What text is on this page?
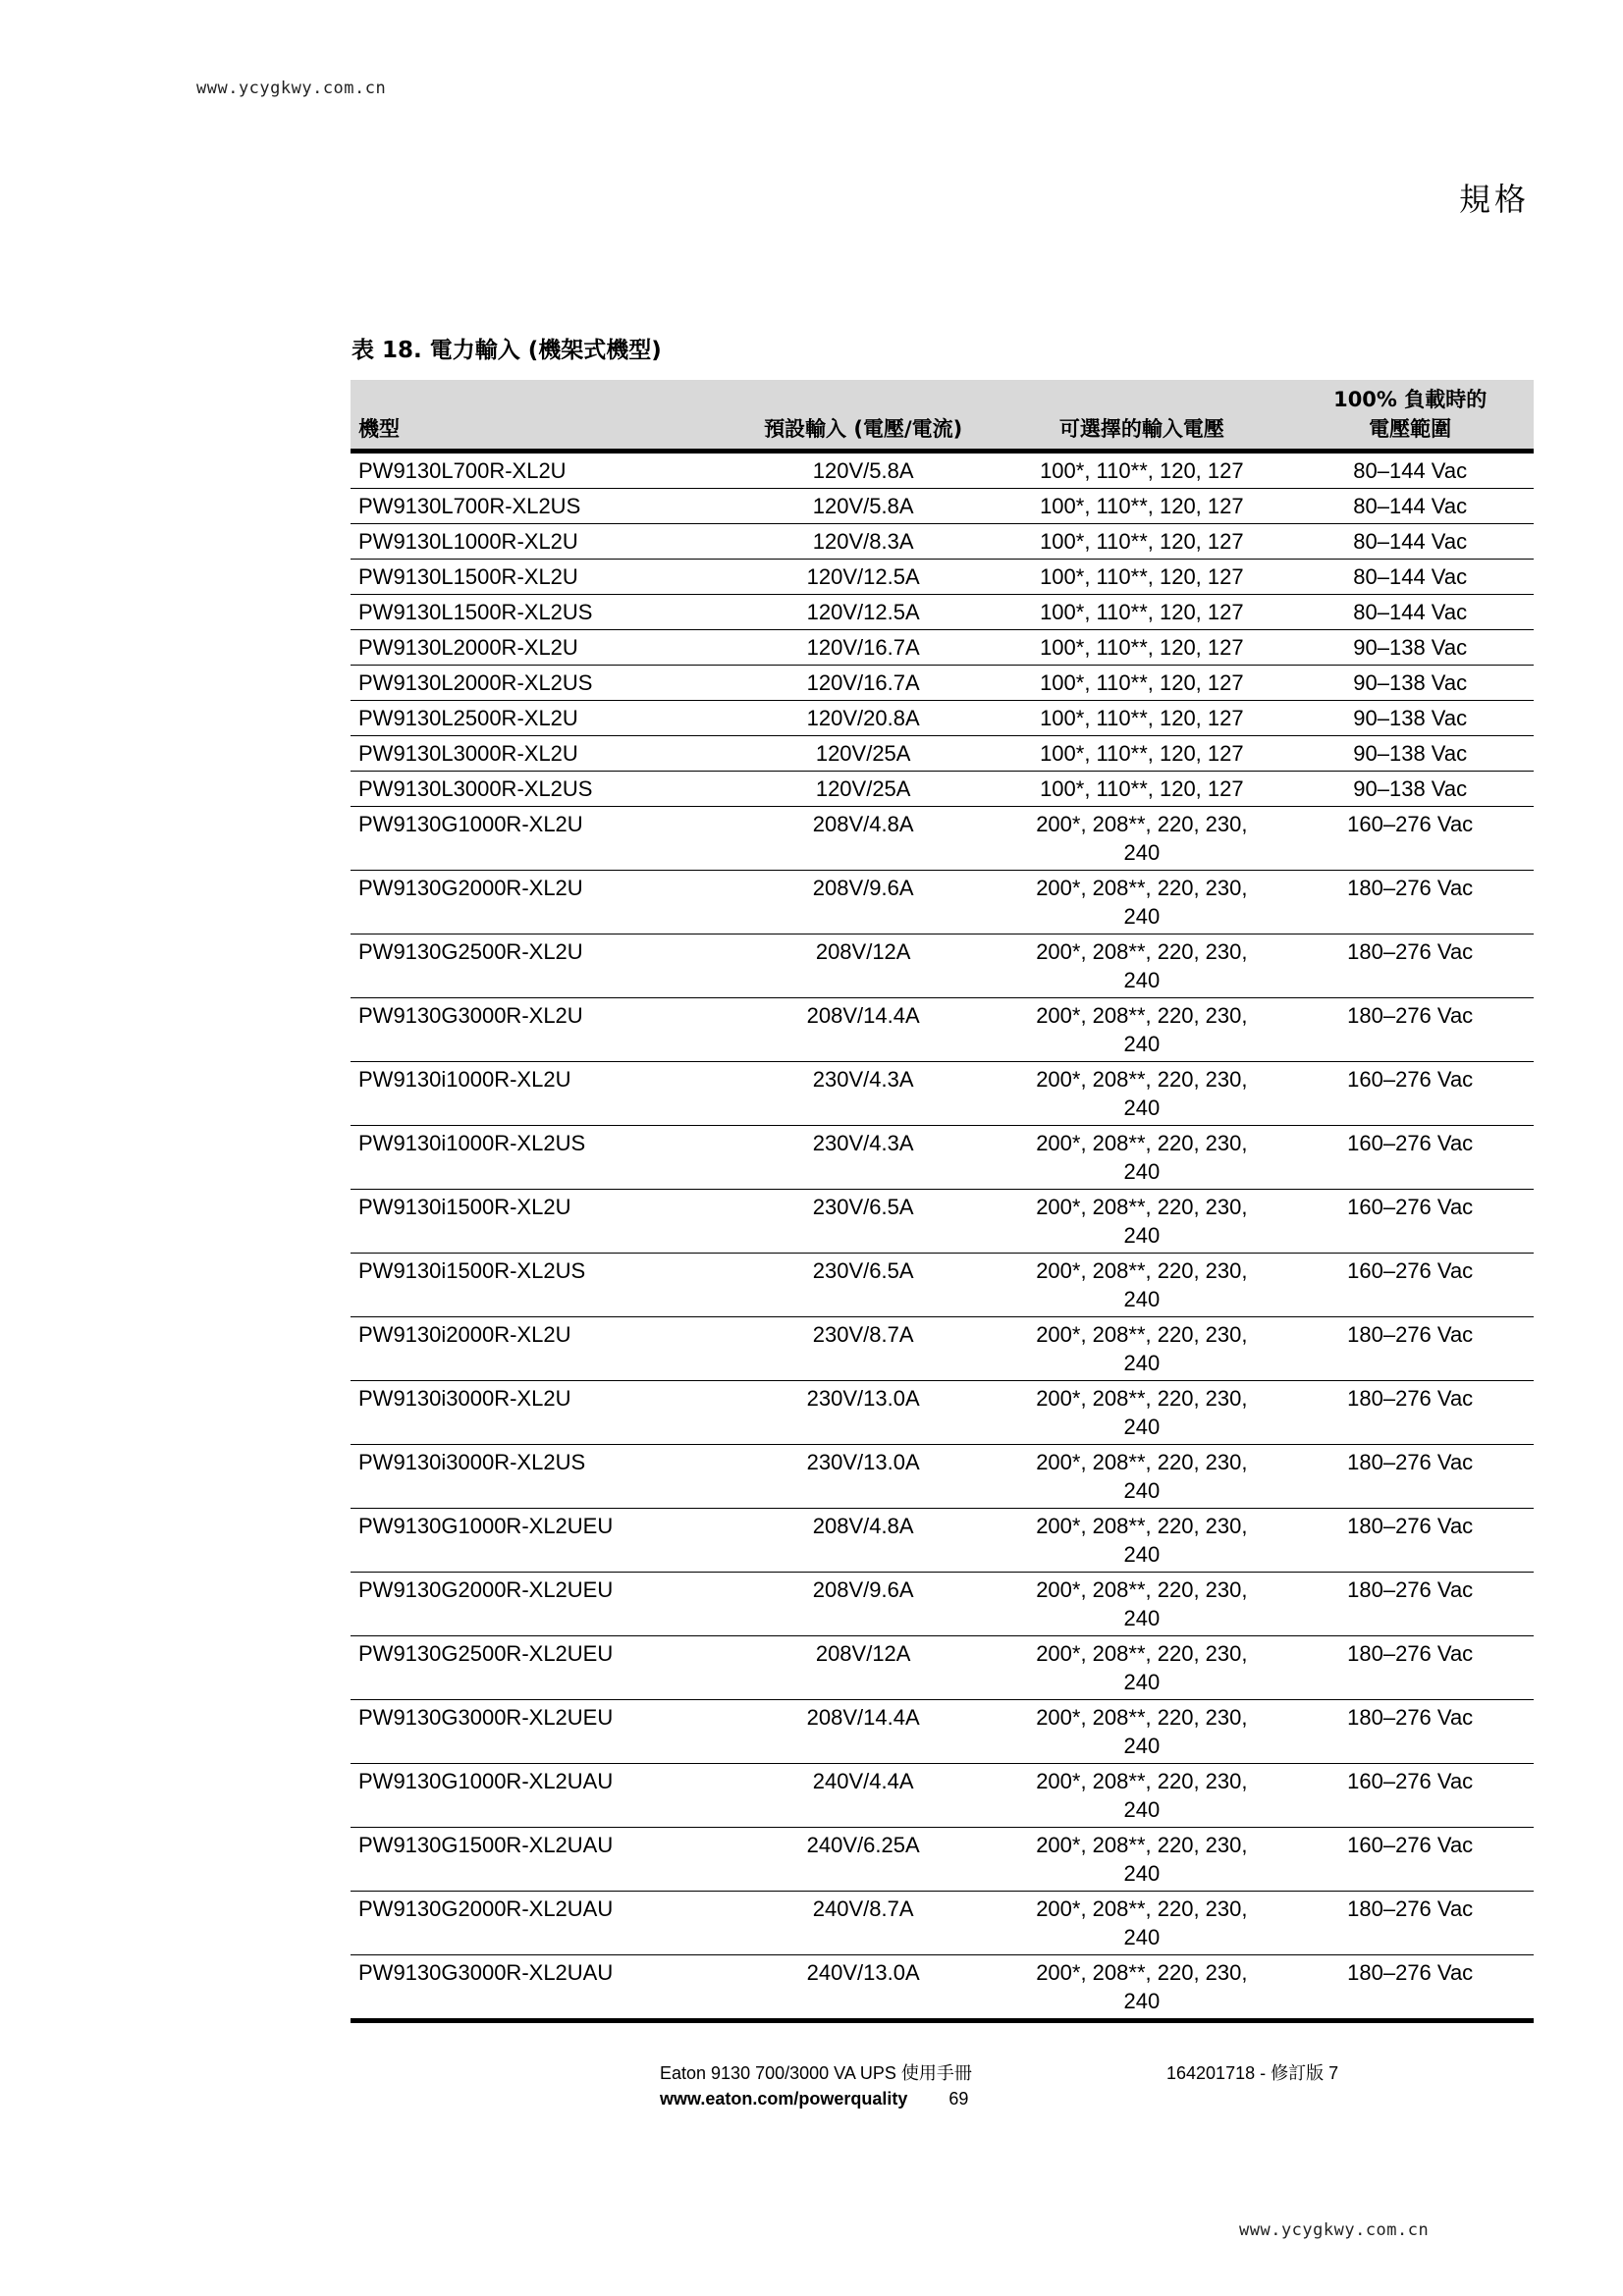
www.ycygkwy.com.cn
規格
表 18. 電力輸入 (機架式機型)
機型	預設輸入 (電壓/電流)	可選擇的輸入電壓	100% 負載時的
電壓範圍
PW9130L700R-XL2U	120V/5.8A	100*, 110**, 120, 127	80–144 Vac
PW9130L700R-XL2US	120V/5.8A	100*, 110**, 120, 127	80–144 Vac
PW9130L1000R-XL2U	120V/8.3A	100*, 110**, 120, 127	80–144 Vac
PW9130L1500R-XL2U	120V/12.5A	100*, 110**, 120, 127	80–144 Vac
PW9130L1500R-XL2US	120V/12.5A	100*, 110**, 120, 127	80–144 Vac
PW9130L2000R-XL2U	120V/16.7A	100*, 110**, 120, 127	90–138 Vac
PW9130L2000R-XL2US	120V/16.7A	100*, 110**, 120, 127	90–138 Vac
PW9130L2500R-XL2U	120V/20.8A	100*, 110**, 120, 127	90–138 Vac
PW9130L3000R-XL2U	120V/25A	100*, 110**, 120, 127	90–138 Vac
PW9130L3000R-XL2US	120V/25A	100*, 110**, 120, 127	90–138 Vac
PW9130G1000R-XL2U	208V/4.8A	200*, 208**, 220, 230, 240	160–276 Vac
PW9130G2000R-XL2U	208V/9.6A	200*, 208**, 220, 230, 240	180–276 Vac
PW9130G2500R-XL2U	208V/12A	200*, 208**, 220, 230, 240	180–276 Vac
PW9130G3000R-XL2U	208V/14.4A	200*, 208**, 220, 230, 240	180–276 Vac
PW9130i1000R-XL2U	230V/4.3A	200*, 208**, 220, 230, 240	160–276 Vac
PW9130i1000R-XL2US	230V/4.3A	200*, 208**, 220, 230, 240	160–276 Vac
PW9130i1500R-XL2U	230V/6.5A	200*, 208**, 220, 230, 240	160–276 Vac
PW9130i1500R-XL2US	230V/6.5A	200*, 208**, 220, 230, 240	160–276 Vac
PW9130i2000R-XL2U	230V/8.7A	200*, 208**, 220, 230, 240	180–276 Vac
PW9130i3000R-XL2U	230V/13.0A	200*, 208**, 220, 230, 240	180–276 Vac
PW9130i3000R-XL2US	230V/13.0A	200*, 208**, 220, 230, 240	180–276 Vac
PW9130G1000R-XL2UEU	208V/4.8A	200*, 208**, 220, 230, 240	180–276 Vac
PW9130G2000R-XL2UEU	208V/9.6A	200*, 208**, 220, 230, 240	180–276 Vac
PW9130G2500R-XL2UEU	208V/12A	200*, 208**, 220, 230, 240	180–276 Vac
PW9130G3000R-XL2UEU	208V/14.4A	200*, 208**, 220, 230, 240	180–276 Vac
PW9130G1000R-XL2UAU	240V/4.4A	200*, 208**, 220, 230, 240	160–276 Vac
PW9130G1500R-XL2UAU	240V/6.25A	200*, 208**, 220, 230, 240	160–276 Vac
PW9130G2000R-XL2UAU	240V/8.7A	200*, 208**, 220, 230, 240	180–276 Vac
PW9130G3000R-XL2UAU	240V/13.0A	200*, 208**, 220, 230, 240	180–276 Vac
Eaton 9130 700/3000 VA UPS 使用手冊
www.eaton.com/powerquality 69
164201718 - 修訂版 7
www.ycygkwy.com.cn
